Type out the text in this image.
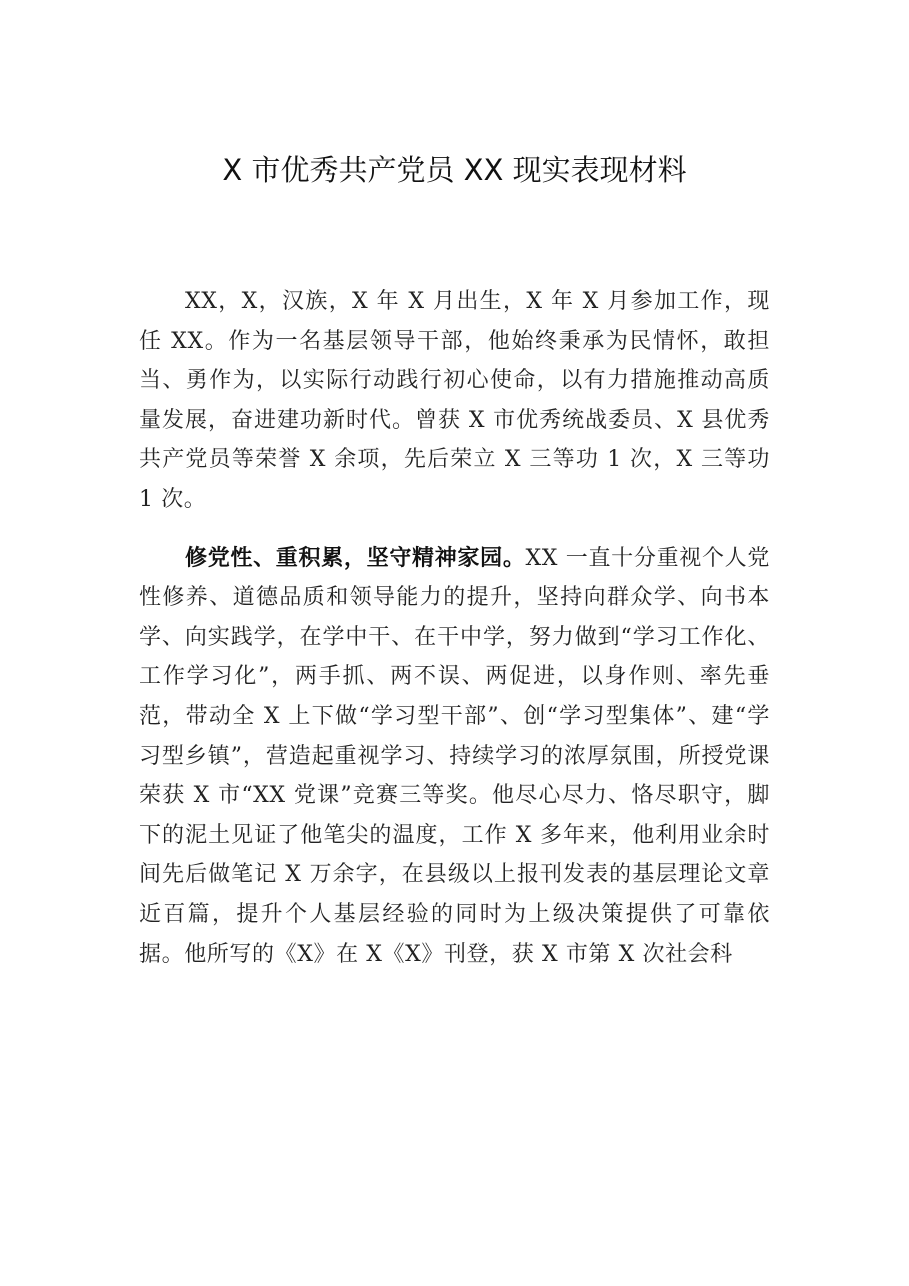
X 市优秀共产党员 XX 现实表现材料

XX，X，汉族，X 年 X 月出生，X 年 X 月参加工作，现任 XX。作为一名基层领导干部，他始终秉承为民情怀，敢担当、勇作为，以实际行动践行初心使命，以有力措施推动高质量发展，奋进建功新时代。曾获 X 市优秀统战委员、X 县优秀共产党员等荣誉 X 余项，先后荣立 X 三等功 1 次，X 三等功 1 次。

修党性、重积累，坚守精神家园。XX 一直十分重视个人党性修养、道德品质和领导能力的提升，坚持向群众学、向书本学、向实践学，在学中干、在干中学，努力做到“学习工作化、工作学习化”，两手抓、两不误、两促进，以身作则、率先垂范，带动全 X 上下做“学习型干部”、创“学习型集体”、建“学习型乡镇”，营造起重视学习、持续学习的浓厚氛围，所授党课荣获 X 市“XX 党课”竞赛三等奖。他尽心尽力、恪尽职守，脚下的泥土见证了他笔尖的温度，工作 X 多年来，他利用业余时间先后做笔记 X 万余字，在县级以上报刊发表的基层理论文章近百篇，提升个人基层经验的同时为上级决策提供了可靠依据。他所写的《X》在 X《X》刊登，获 X 市第 X 次社会科
